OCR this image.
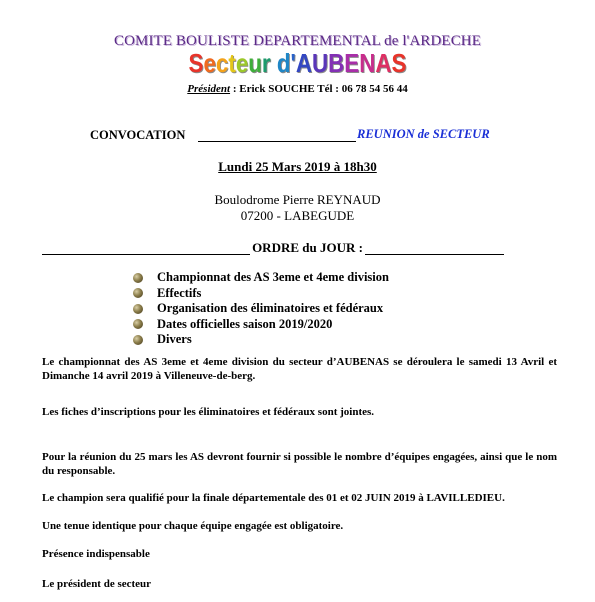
COMITE BOULISTE DEPARTEMENTAL de l'ARDECHE
Secteur d'AUBENAS
Président : Erick SOUCHE Tél : 06 78 54 56 44
CONVOCATION	REUNION de SECTEUR
Lundi 25 Mars 2019 à 18h30
Boulodrome Pierre REYNAUD
07200 - LABEGUDE
ORDRE du JOUR :
Championnat des AS 3eme et 4eme division
Effectifs
Organisation des éliminatoires et fédéraux
Dates officielles saison 2019/2020
Divers

Le championnat des AS 3eme et 4eme division du secteur d’AUBENAS se déroulera le samedi 13 Avril et Dimanche 14 avril 2019 à Villeneuve-de-berg.

Les fiches d’inscriptions pour les éliminatoires et fédéraux sont jointes.

Pour la réunion du 25 mars les AS devront fournir si possible le nombre d’équipes engagées, ainsi que le nom du responsable.

Le champion sera qualifié pour la finale départementale des 01 et 02 JUIN 2019 à LAVILLEDIEU.

Une tenue identique pour chaque équipe engagée est obligatoire.

Présence indispensable

Le président de secteur
